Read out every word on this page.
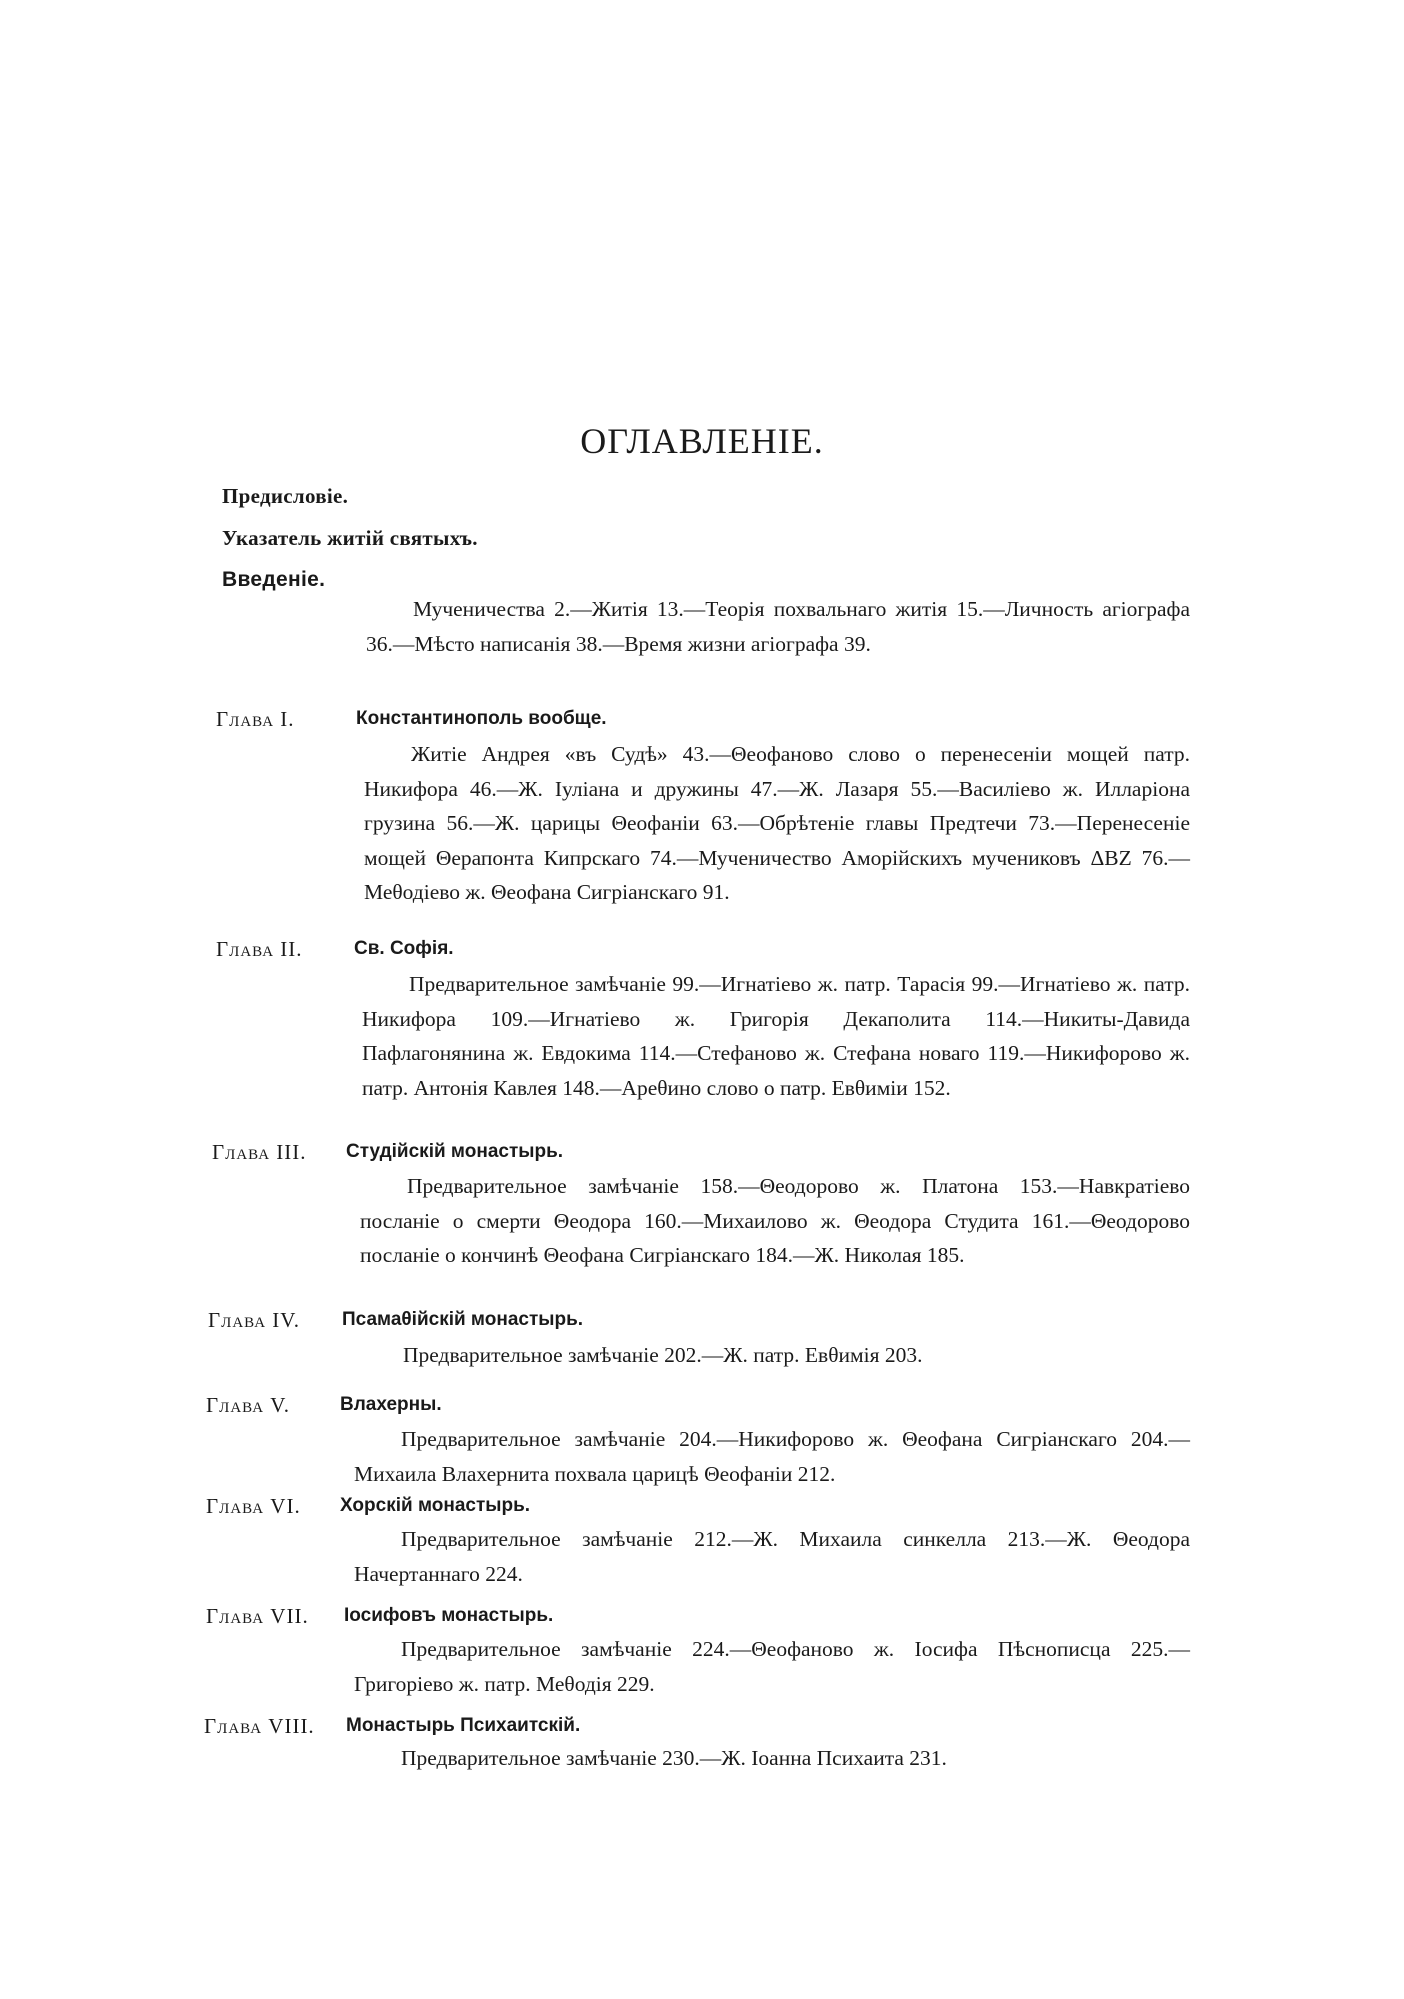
ОГЛАВЛЕНІЕ.
Предисловіе.
Указатель житій святыхъ.
Введеніе.
Мученичества 2.—Житія 13.—Теорія похвальнаго житія 15.—Личность агіографа 36.—Мѣсто написанія 38.—Время жизни агіографа 39.
Глава I.	Константинополь вообще.
Житіе Андрея «въ Судѣ» 43.—Θеофаново слово о перенесеніи мощей патр. Никифора 46.—Ж. Іуліана и дружины 47.—Ж. Лазаря 55.—Василіево ж. Илларіона грузина 56.—Ж. царицы Θеофаніи 63.—Обрѣтеніе главы Предтечи 73.—Перенесеніе мощей Θерапонта Кипрскаго 74.—Мученичество Аморійскихъ мучениковъ ΔΒΖ 76.—Меθодіево ж. Θеофана Сигріанскаго 91.
Глава II.	Св. Софія.
Предварительное замѣчаніе 99.—Игнатіево ж. патр. Тарасія 99.—Игнатіево ж. патр. Никифора 109.—Игнатіево ж. Григорія Декаполита 114.—Никиты-Давида Пафлагонянина ж. Евдокима 114.—Стефаново ж. Стефана новаго 119.—Никифорово ж. патр. Антонія Кавлея 148.—Ареθино слово о патр. Евθиміи 152.
Глава III. Студійскій монастырь.
Предварительное замѣчаніе 158.—Θеодорово ж. Платона 153.—Навкратіево посланіе о смерти Θеодора 160.—Михаилово ж. Θеодора Студита 161.—Θеодорово посланіе о кончинѣ Θеофана Сигріанскаго 184.—Ж. Николая 185.
Глава IV. Псамаθійскій монастырь.
Предварительное замѣчаніе 202.—Ж. патр. Евθимія 203.
Глава V.	Влахерны.
Предварительное замѣчаніе 204.—Никифорово ж. Θеофана Сигріанскаго 204.—Михаила Влахернита похвала царицѣ Θеофаніи 212.
Глава VI. Хорскій монастырь.
Предварительное замѣчаніе 212.—Ж. Михаила синкелла 213.—Ж. Θеодора Начертаннаго 224.
Глава VII. Іосифовъ монастырь.
Предварительное замѣчаніе 224.—Θеофаново ж. Іосифа Пѣснописца 225.—Григоріево ж. патр. Меθодія 229.
Глава VIII. Монастырь Психаитскій.
Предварительное замѣчаніе 230.—Ж. Іоанна Психаита 231.
